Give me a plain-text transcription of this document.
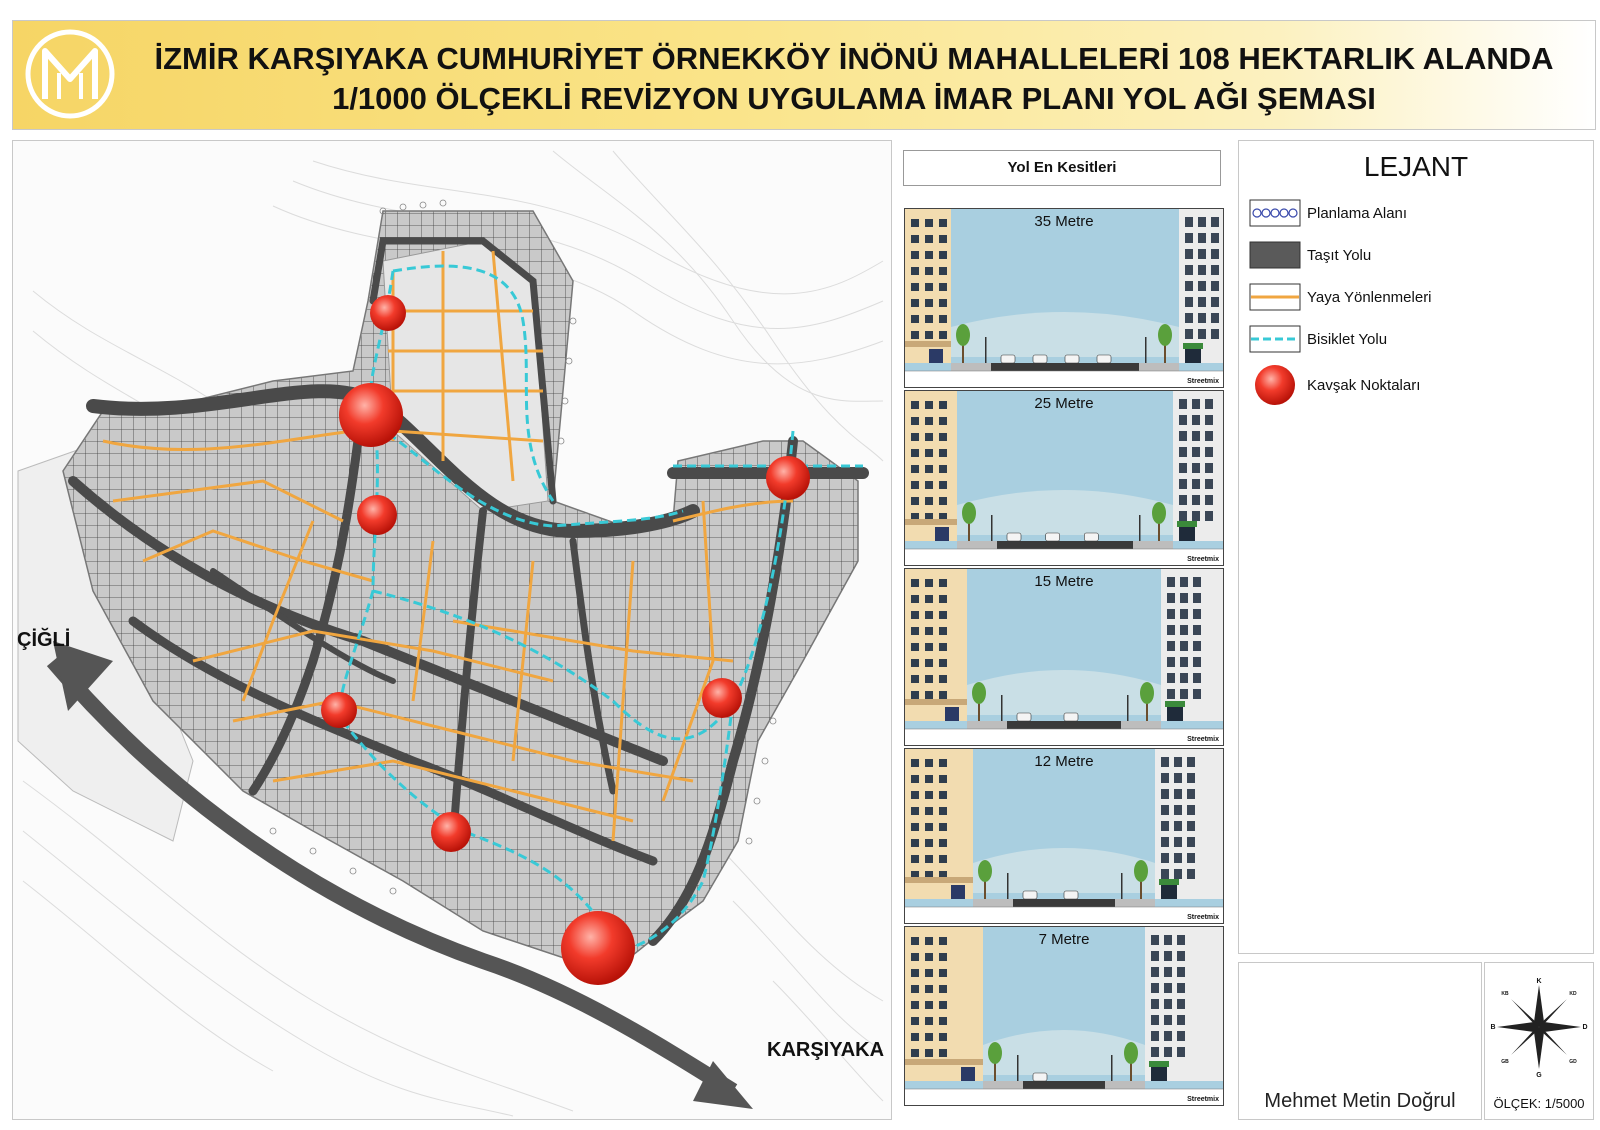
İZMİR KARŞIYAKA CUMHURİYET ÖRNEKKÖY İNÖNÜ MAHALLELERİ 108 HEKTARLIK ALANDA
1/1000 ÖLÇEKLİ REVİZYON UYGULAMA İMAR PLANI YOL AĞI ŞEMASI
ÇİĞLİ
KARŞIYAKA
Yol En Kesitleri
35 Metre
Streetmix
25 Metre
Streetmix
15 Metre
Streetmix
12 Metre
Streetmix
7 Metre
Streetmix
LEJANT
Planlama Alanı
Taşıt Yolu
Yaya Yönlenmeleri
Bisiklet Yolu
Kavşak Noktaları
Mehmet Metin Doğrul
K
G
D
B
KD
KB
GD
GB
ÖLÇEK: 1/5000
